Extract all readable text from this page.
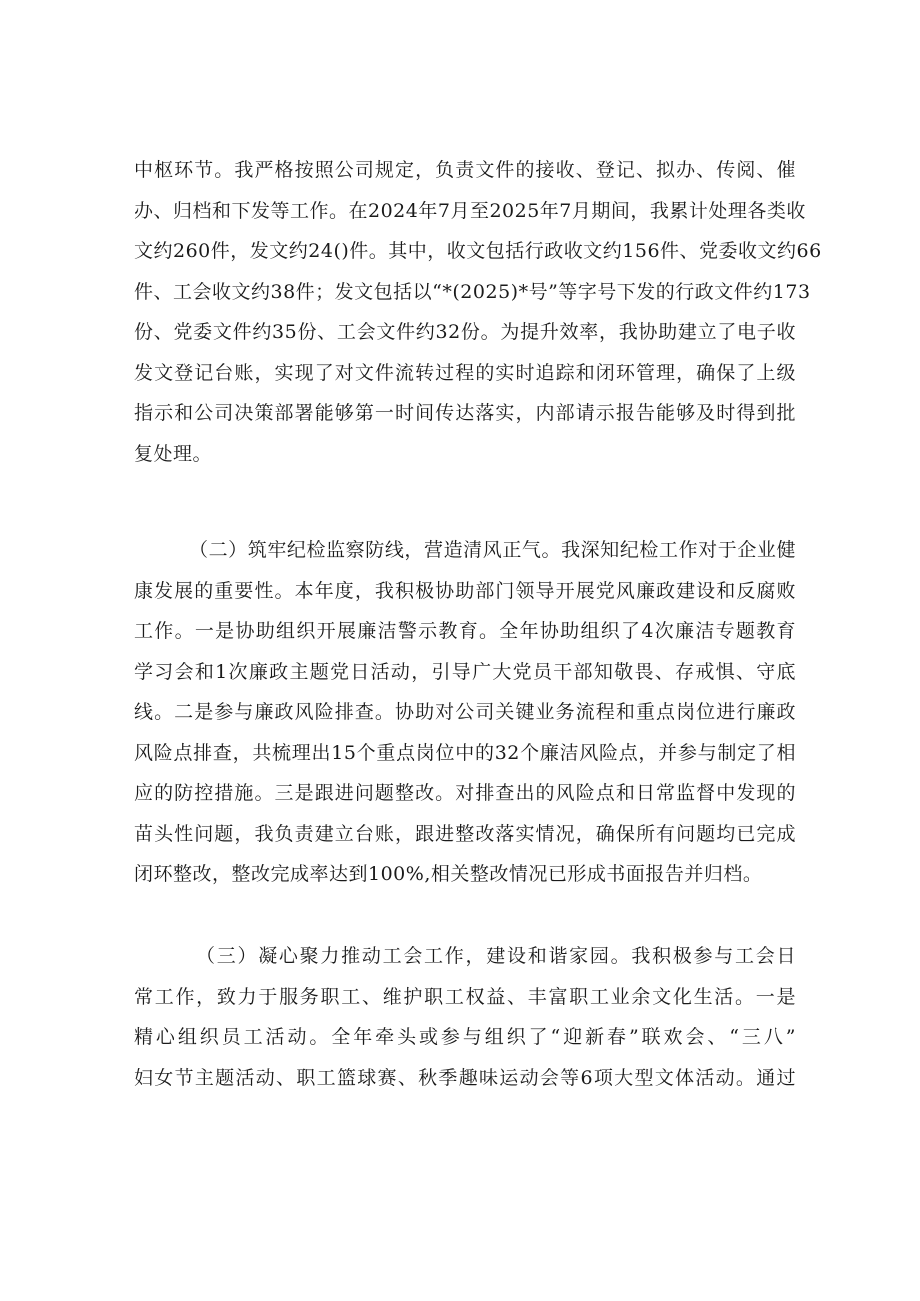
中枢环节。我严格按照公司规定，负责文件的接收、登记、拟办、传阅、催
办、归档和下发等工作。在2024年7月至2025年7月期间，我累计处理各类收
文约260件，发文约24()件。其中，收文包括行政收文约156件、党委收文约66
件、工会收文约38件；发文包括以“*(2025)*号”等字号下发的行政文件约173
份、党委文件约35份、工会文件约32份。为提升效率，我协助建立了电子收
发文登记台账，实现了对文件流转过程的实时追踪和闭环管理，确保了上级
指示和公司决策部署能够第一时间传达落实，内部请示报告能够及时得到批
复处理。
（二）筑牢纪检监察防线，营造清风正气。我深知纪检工作对于企业健
康发展的重要性。本年度，我积极协助部门领导开展党风廉政建设和反腐败
工作。一是协助组织开展廉洁警示教育。全年协助组织了4次廉洁专题教育
学习会和1次廉政主题党日活动，引导广大党员干部知敬畏、存戒惧、守底
线。二是参与廉政风险排查。协助对公司关键业务流程和重点岗位进行廉政
风险点排查，共梳理出15个重点岗位中的32个廉洁风险点，并参与制定了相
应的防控措施。三是跟进问题整改。对排查出的风险点和日常监督中发现的
苗头性问题，我负责建立台账，跟进整改落实情况，确保所有问题均已完成
闭环整改，整改完成率达到100%,相关整改情况已形成书面报告并归档。
（三）凝心聚力推动工会工作，建设和谐家园。我积极参与工会日
常工作，致力于服务职工、维护职工权益、丰富职工业余文化生活。一是
精心组织员工活动。全年牵头或参与组织了“迎新春”联欢会、“三八”
妇女节主题活动、职工篮球赛、秋季趣味运动会等6项大型文体活动。通过
